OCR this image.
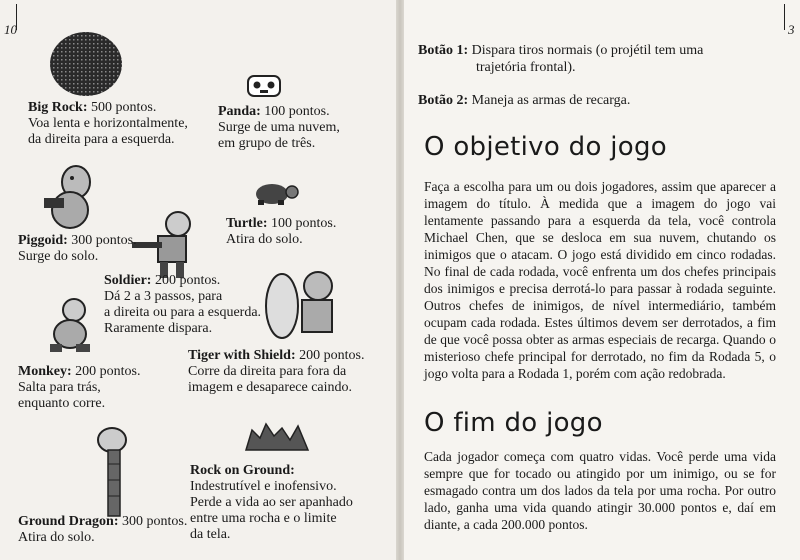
10	3
Big Rock: 500 pontos.
Voa lenta e horizontalmente,
da direita para a esquerda.
Panda: 100 pontos.
Surge de uma nuvem,
em grupo de três.
Piggoid: 300 pontos.
Surge do solo.
Turtle: 100 pontos.
Atira do solo.
Soldier: 200 pontos.
Dá 2 a 3 passos, para
a direita ou para a esquerda.
Raramente dispara.
Monkey: 200 pontos.
Salta para trás,
enquanto corre.
Tiger with Shield: 200 pontos.
Corre da direita para fora da
imagem e desaparece caindo.
Rock on Ground:
Indestrutível e inofensivo.
Perde a vida ao ser apanhado
entre uma rocha e o limite
da tela.
Ground Dragon: 300 pontos.
Atira do solo.
Botão 1: Dispara tiros normais (o projétil tem uma
trajetória frontal).
Botão 2: Maneja as armas de recarga.
O objetivo do jogo
Faça a escolha para um ou dois jogadores, assim que aparecer a imagem do título. À medida que a imagem do jogo vai lentamente passando para a esquerda da tela, você controla Michael Chen, que se desloca em sua nuvem, chutando os inimigos que o atacam. O jogo está dividido em cinco rodadas. No final de cada rodada, você enfrenta um dos chefes principais dos inimigos e precisa derrotá-lo para passar à rodada seguinte. Outros chefes de inimigos, de nível intermediário, também ocupam cada rodada. Estes últimos devem ser derrotados, a fim de que você possa obter as armas especiais de recarga. Quando o misterioso chefe principal for derrotado, no fim da Rodada 5, o jogo volta para a Rodada 1, porém com ação redobrada.
O fim do jogo
Cada jogador começa com quatro vidas. Você perde uma vida sempre que for tocado ou atingido por um inimigo, ou se for esmagado contra um dos lados da tela por uma rocha. Por outro lado, ganha uma vida quando atingir 30.000 pontos e, daí em diante, a cada 200.000 pontos.
